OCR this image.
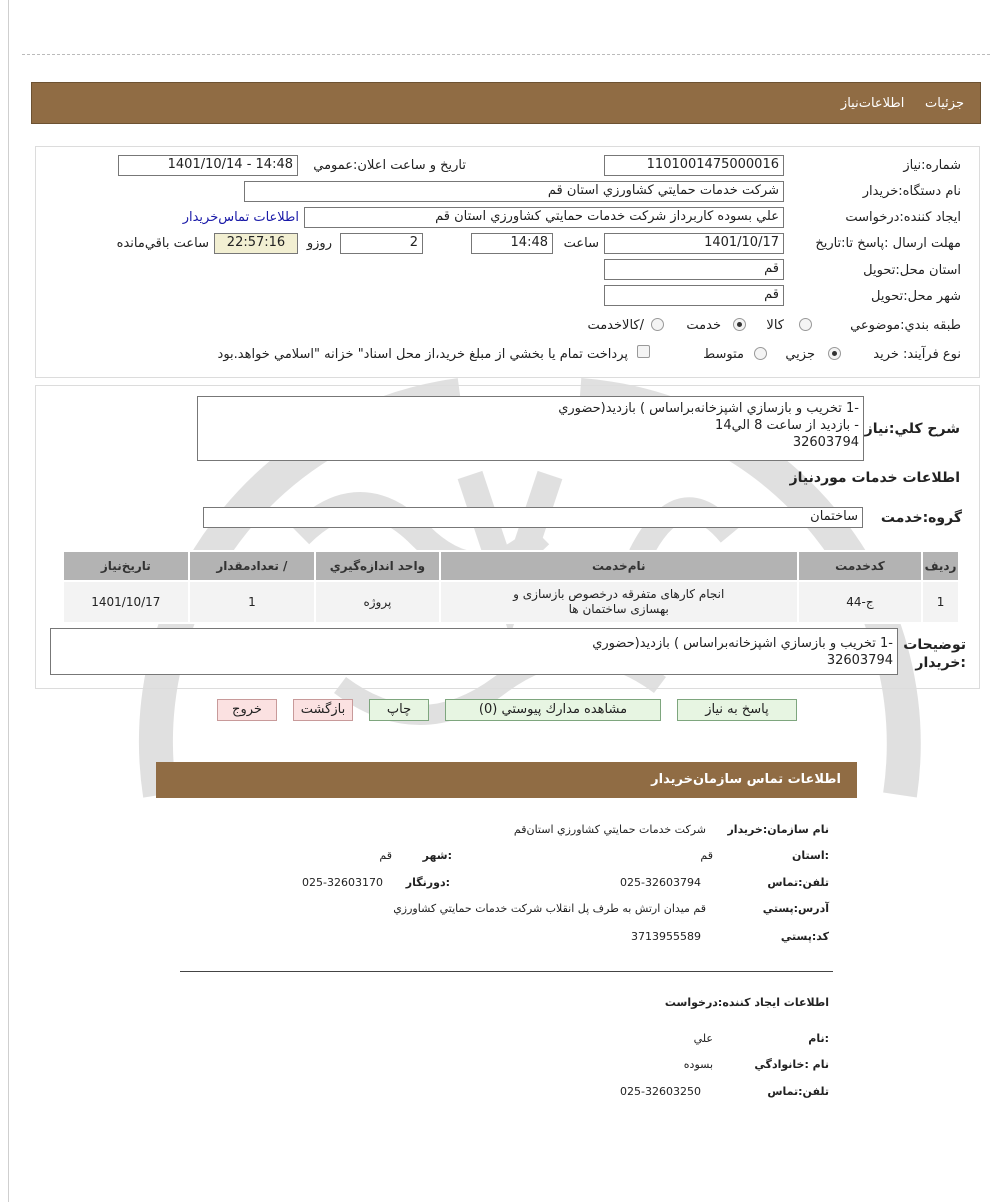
جزئيات     اطلاعات‌نياز
شماره:نياز
1101001475000016
تاريخ و ساعت اعلان:عمومي
1401/10/14 - 14:48
نام دستگاه:خريدار
شركت خدمات حمايتي كشاورزي استان قم
ايجاد كننده:درخواست
علي بسوده كاربرداز شركت خدمات حمايتي كشاورزي استان قم
اطلاعات تماس‌خريدار
مهلت ارسال :پاسخ تا:تاريخ
1401/10/17
ساعت
14:48
2
روزو
22:57:16
ساعت باقي‌مانده
استان محل:تحويل
قم
شهر محل:تحويل
قم
طبقه بندي:موضوعي
كالا
خدمت
/كالاخدمت
نوع فرآيند: خريد
جزيي
متوسط
پرداخت تمام يا بخشي از مبلغ خريد،از محل اسناد" خزانه "اسلامي خواهد.بود
شرح كلي:نياز
-1 تخريب و بازسازي اشپزخانه‌براساس ) بازديد(حضوري
- بازديد از ساعت 8 الي14
32603794
اطلاعات خدمات موردنياز
گروه:خدمت
ساختمان
رديف	كدخدمت	نام‌خدمت	واحد اندازه‌گيري	/ تعدادمقدار	تاريخ‌نياز
1	ج-44	انجام كارهای متفرقه درخصوص بازسازی و
بهسازی ساختمان ها	پروژه	1	1401/10/17
توضيحات
:خريدار
-1 تخريب و بازسازي اشپزخانه‌براساس ) بازديد(حضوري
32603794
پاسخ به نياز
مشاهده مدارك پيوستي (0)
چاپ
بازگشت
خروج
اطلاعات تماس سازمان‌خريدار
نام سازمان:خريدار
شركت خدمات حمايتي كشاورزي استان‌قم
:استان
قم
:شهر
قم
تلفن:تماس
025-32603794
:دورنگار
025-32603170
آدرس:پستي
قم ميدان ارتش به طرف پل انقلاب شركت خدمات حمايتي كشاورزي
كد:پستي
3713955589
اطلاعات ايجاد كننده:درخواست
:نام
علي
نام :خانوادگي
بسوده
تلفن:تماس
025-32603250
